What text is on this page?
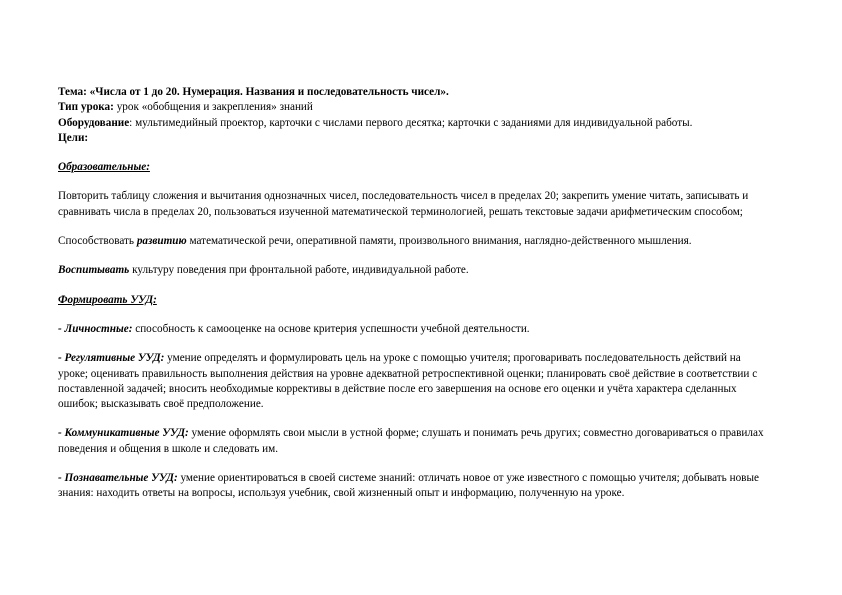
Тема: «Числа от 1 до 20. Нумерация. Названия и последовательность чисел».
Тип урока: урок «обобщения и закрепления» знаний
Оборудование: мультимедийный проектор, карточки с числами первого десятка; карточки с заданиями для индивидуальной работы.
Цели:
Образовательные:
Повторить таблицу сложения и вычитания однозначных чисел, последовательность чисел в пределах 20; закрепить умение читать, записывать и сравнивать числа в пределах 20, пользоваться изученной математической терминологией, решать текстовые задачи арифметическим способом;
Способствовать развитию математической речи, оперативной памяти, произвольного внимания, наглядно-действенного мышления.
Воспитывать культуру поведения при фронтальной работе, индивидуальной работе.
Формировать УУД:
- Личностные: способность к самооценке на основе критерия успешности учебной деятельности.
- Регулятивные УУД: умение определять и формулировать цель на уроке с помощью учителя; проговаривать последовательность действий на уроке; оценивать правильность выполнения действия на уровне адекватной ретроспективной оценки; планировать своё действие в соответствии с поставленной задачей; вносить необходимые коррективы в действие после его завершения на основе его оценки и учёта характера сделанных ошибок; высказывать своё предположение.
- Коммуникативные УУД: умение оформлять свои мысли в устной форме; слушать и понимать речь других; совместно договариваться о правилах поведения и общения в школе и следовать им.
- Познавательные УУД: умение ориентироваться в своей системе знаний: отличать новое от уже известного с помощью учителя; добывать новые знания: находить ответы на вопросы, используя учебник, свой жизненный опыт и информацию, полученную на уроке.
